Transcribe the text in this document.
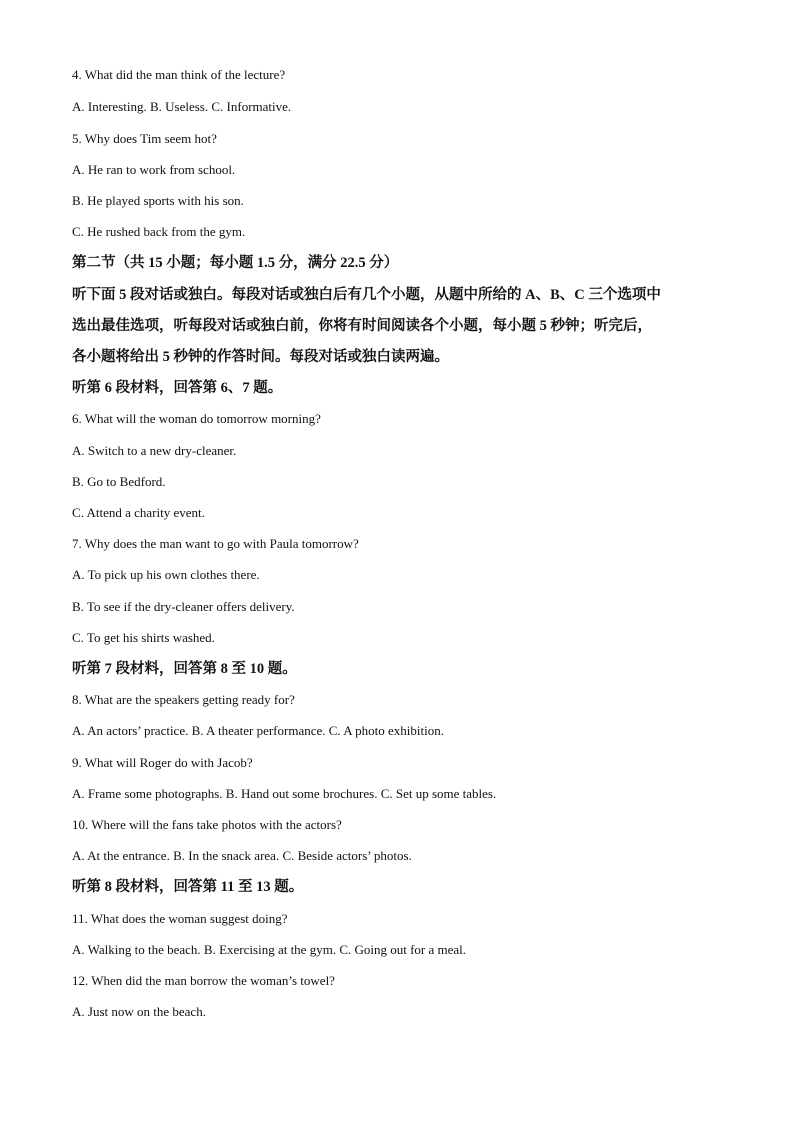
4. What did the man think of the lecture?
A. Interesting. B. Useless. C. Informative.
5. Why does Tim seem hot?
A. He ran to work from school.
B. He played sports with his son.
C. He rushed back from the gym.
第二节（共 15 小题；每小题 1.5 分，满分 22.5 分）
听下面 5 段对话或独白。每段对话或独白后有几个小题，从题中所给的 A、B、C 三个选项中
选出最佳选项，听每段对话或独白前，你将有时间阅读各个小题，每小题 5 秒钟；听完后，
各小题将给出 5 秒钟的作答时间。每段对话或独白读两遍。
听第 6 段材料，回答第 6、7 题。
6. What will the woman do tomorrow morning?
A. Switch to a new dry-cleaner.
B. Go to Bedford.
C. Attend a charity event.
7. Why does the man want to go with Paula tomorrow?
A. To pick up his own clothes there.
B. To see if the dry-cleaner offers delivery.
C. To get his shirts washed.
听第 7 段材料，回答第 8 至 10 题。
8. What are the speakers getting ready for?
A. An actors’ practice. B. A theater performance. C. A photo exhibition.
9. What will Roger do with Jacob?
A. Frame some photographs. B. Hand out some brochures. C. Set up some tables.
10. Where will the fans take photos with the actors?
A. At the entrance. B. In the snack area. C. Beside actors’ photos.
听第 8 段材料，回答第 11 至 13 题。
11. What does the woman suggest doing?
A. Walking to the beach. B. Exercising at the gym. C. Going out for a meal.
12. When did the man borrow the woman’s towel?
A. Just now on the beach.
